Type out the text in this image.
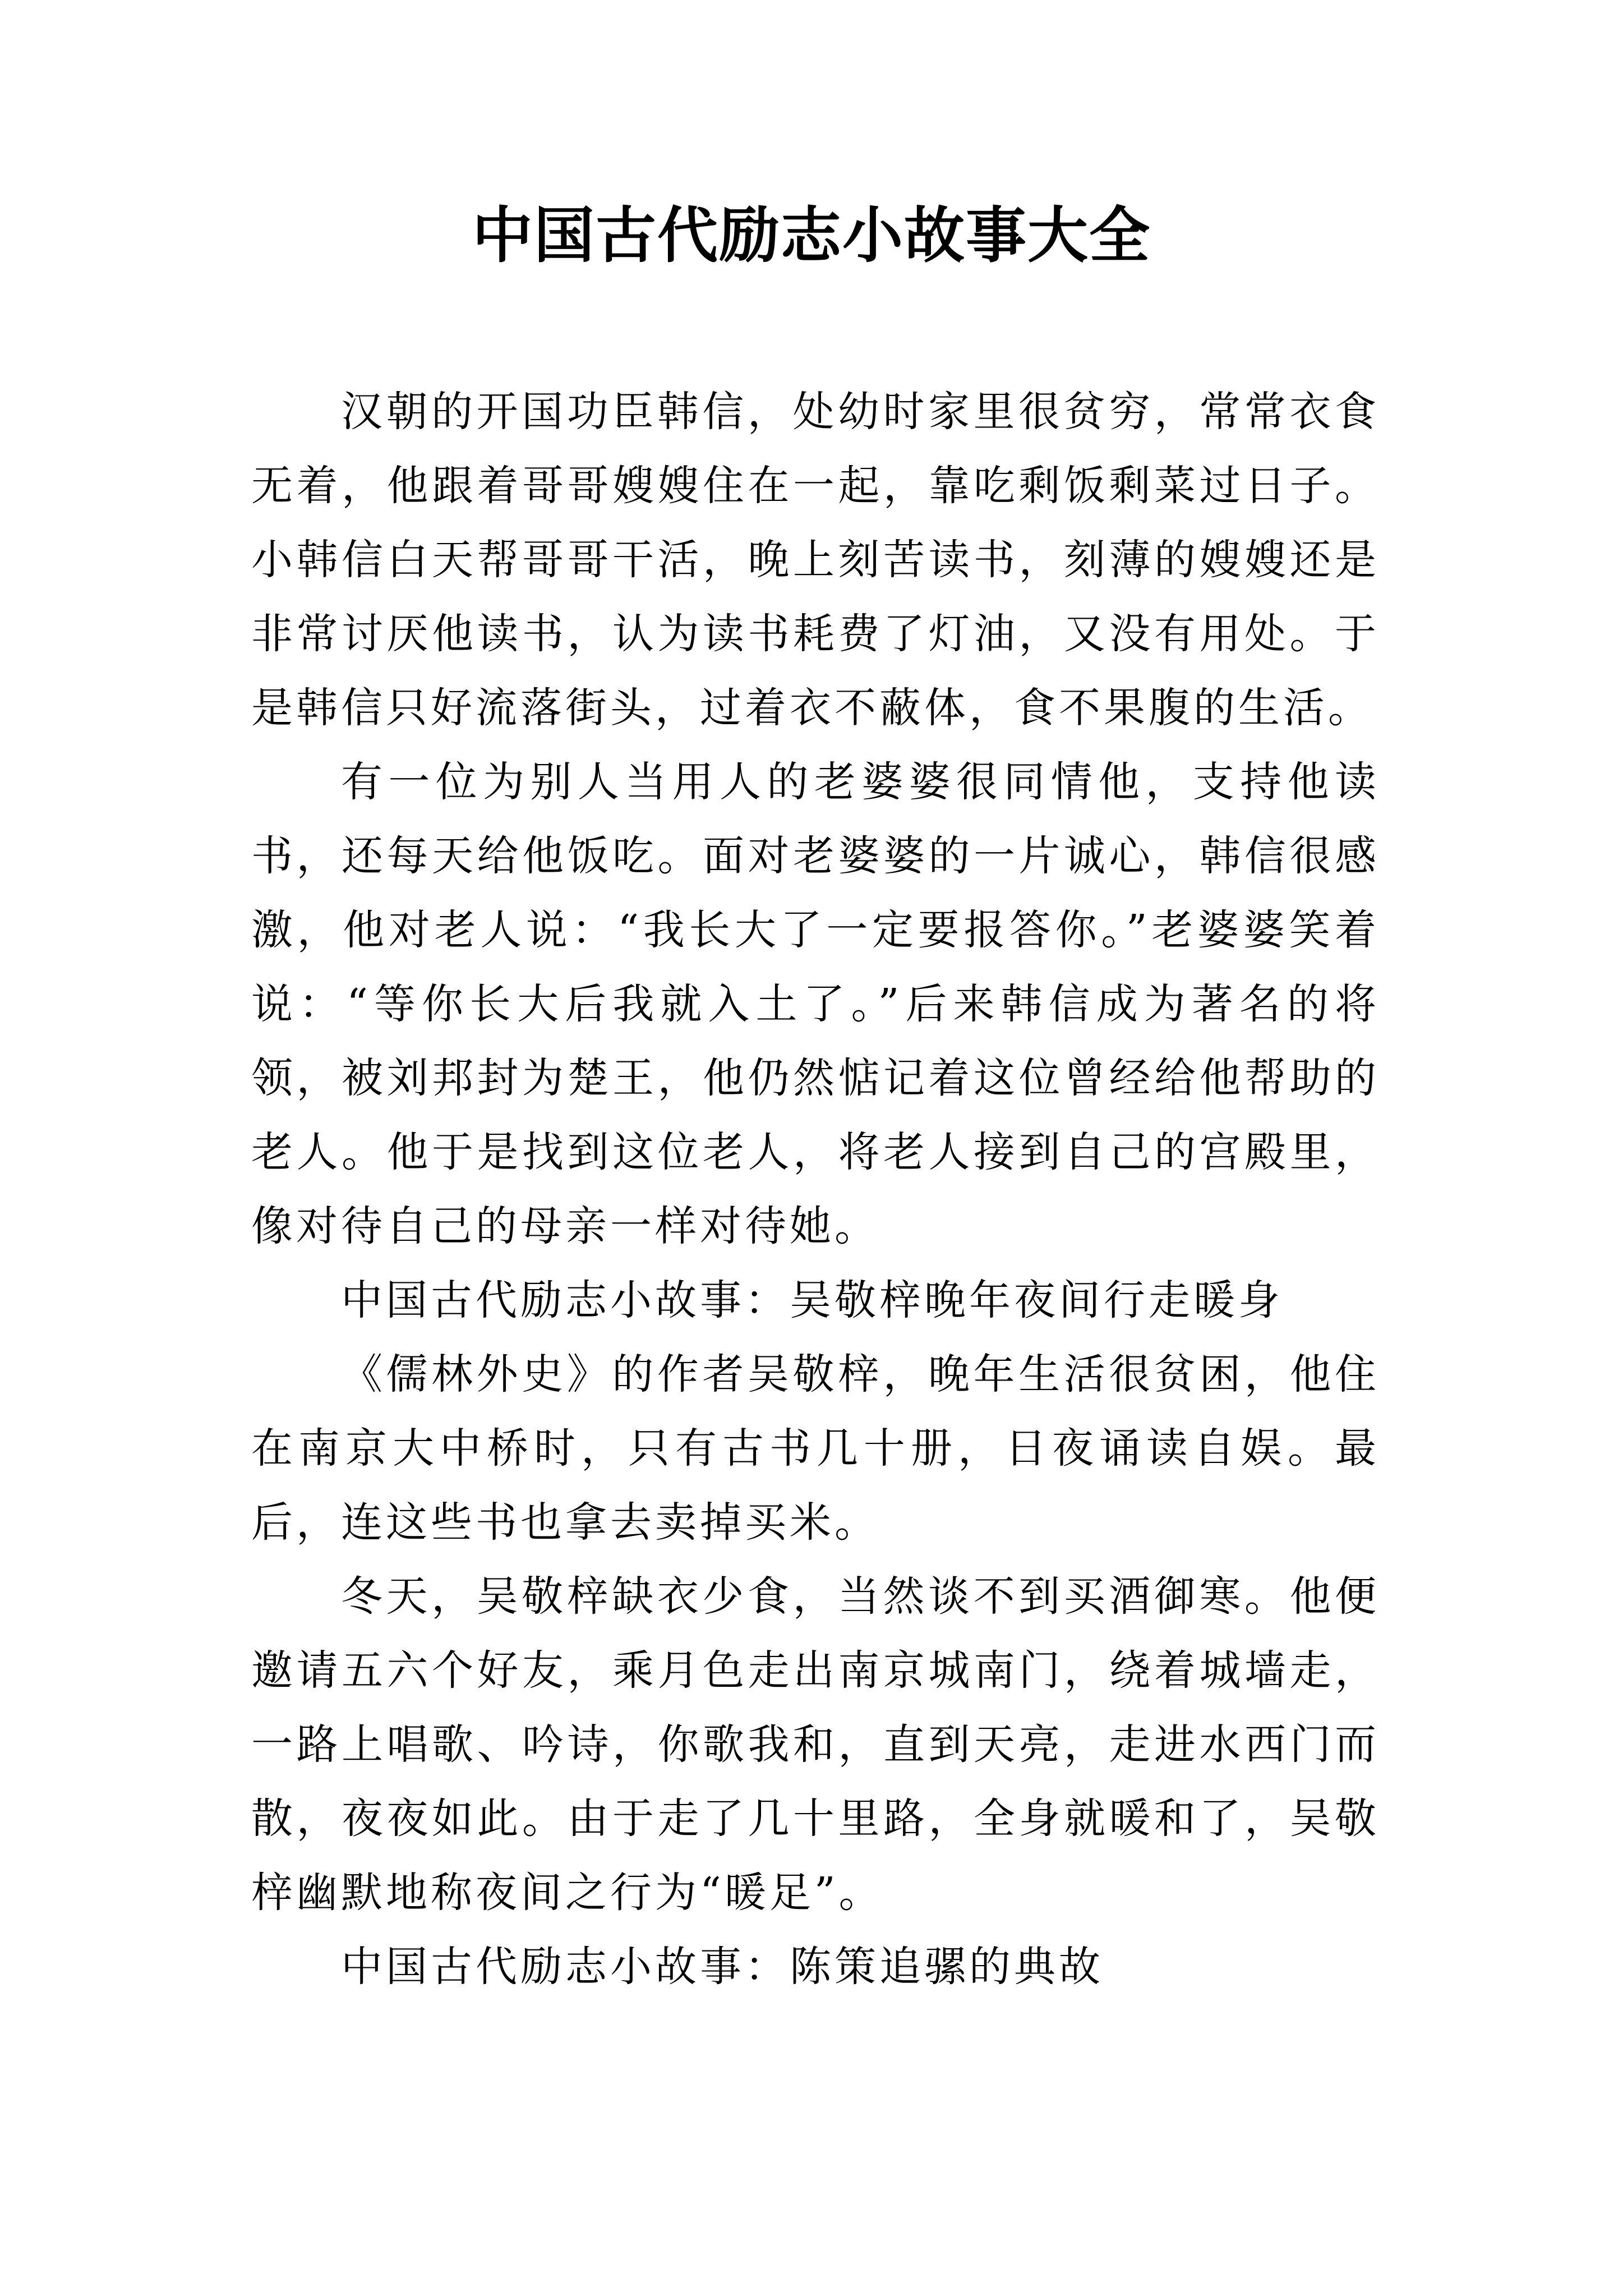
中国古代励志小故事大全

汉朝的开国功臣韩信，处幼时家里很贫穷，常常衣食无着，他跟着哥哥嫂嫂住在一起，靠吃剩饭剩菜过日子。小韩信白天帮哥哥干活，晚上刻苦读书，刻薄的嫂嫂还是非常讨厌他读书，认为读书耗费了灯油，又没有用处。于是韩信只好流落街头，过着衣不蔽体，食不果腹的生活。

有一位为别人当用人的老婆婆很同情他，支持他读书，还每天给他饭吃。面对老婆婆的一片诚心，韩信很感激，他对老人说：“我长大了一定要报答你。”老婆婆笑着说：“等你长大后我就入土了。”后来韩信成为著名的将领，被刘邦封为楚王，他仍然惦记着这位曾经给他帮助的老人。他于是找到这位老人，将老人接到自己的宫殿里，像对待自己的母亲一样对待她。

中国古代励志小故事：吴敬梓晚年夜间行走暖身

《儒林外史》的作者吴敬梓，晚年生活很贫困，他住在南京大中桥时，只有古书几十册，日夜诵读自娱。最后，连这些书也拿去卖掉买米。

冬天，吴敬梓缺衣少食，当然谈不到买酒御寒。他便邀请五六个好友，乘月色走出南京城南门，绕着城墙走，一路上唱歌、吟诗，你歌我和，直到天亮，走进水西门而散，夜夜如此。由于走了几十里路，全身就暖和了，吴敬梓幽默地称夜间之行为“暖足”。

中国古代励志小故事：陈策追骡的典故
